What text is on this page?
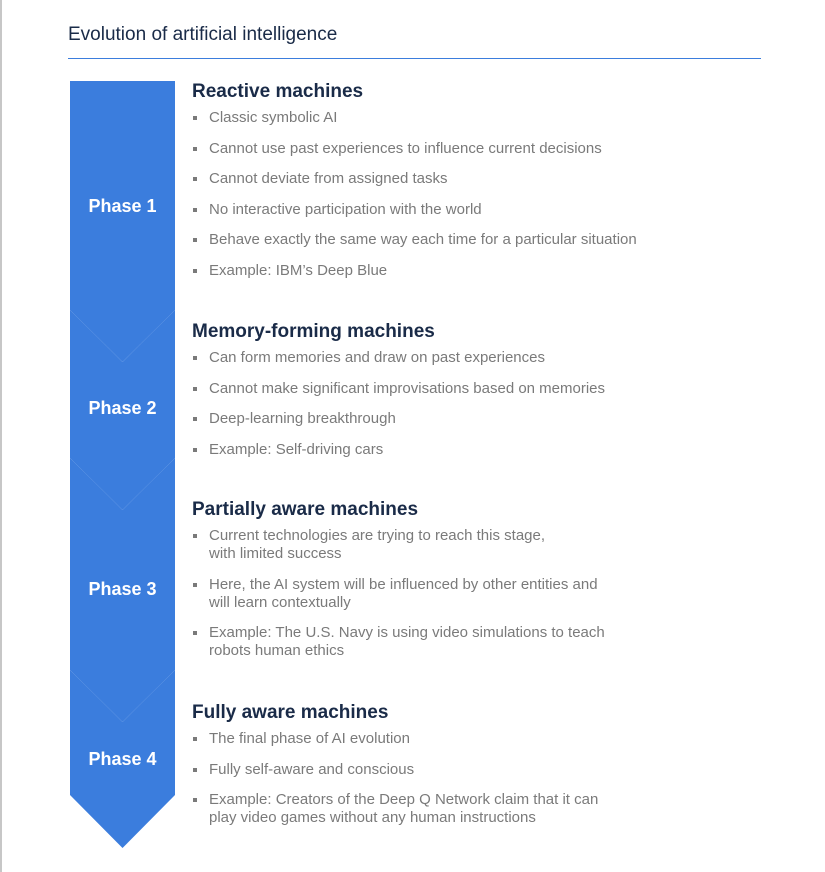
Evolution of artificial intelligence
Phase 1
Phase 2
Phase 3
Phase 4
Reactive machines
Classic symbolic AI
Cannot use past experiences to influence current decisions
Cannot deviate from assigned tasks
No interactive participation with the world
Behave exactly the same way each time for a particular situation
Example: IBM’s Deep Blue
Memory-forming machines
Can form memories and draw on past experiences
Cannot make significant improvisations based on memories
Deep-learning breakthrough
Example: Self-driving cars
Partially aware machines
Current technologies are trying to reach this stage,
with limited success
Here, the AI system will be influenced by other entities and
will learn contextually
Example: The U.S. Navy is using video simulations to teach
robots human ethics
Fully aware machines
The final phase of AI evolution
Fully self-aware and conscious
Example: Creators of the Deep Q Network claim that it can
play video games without any human instructions
